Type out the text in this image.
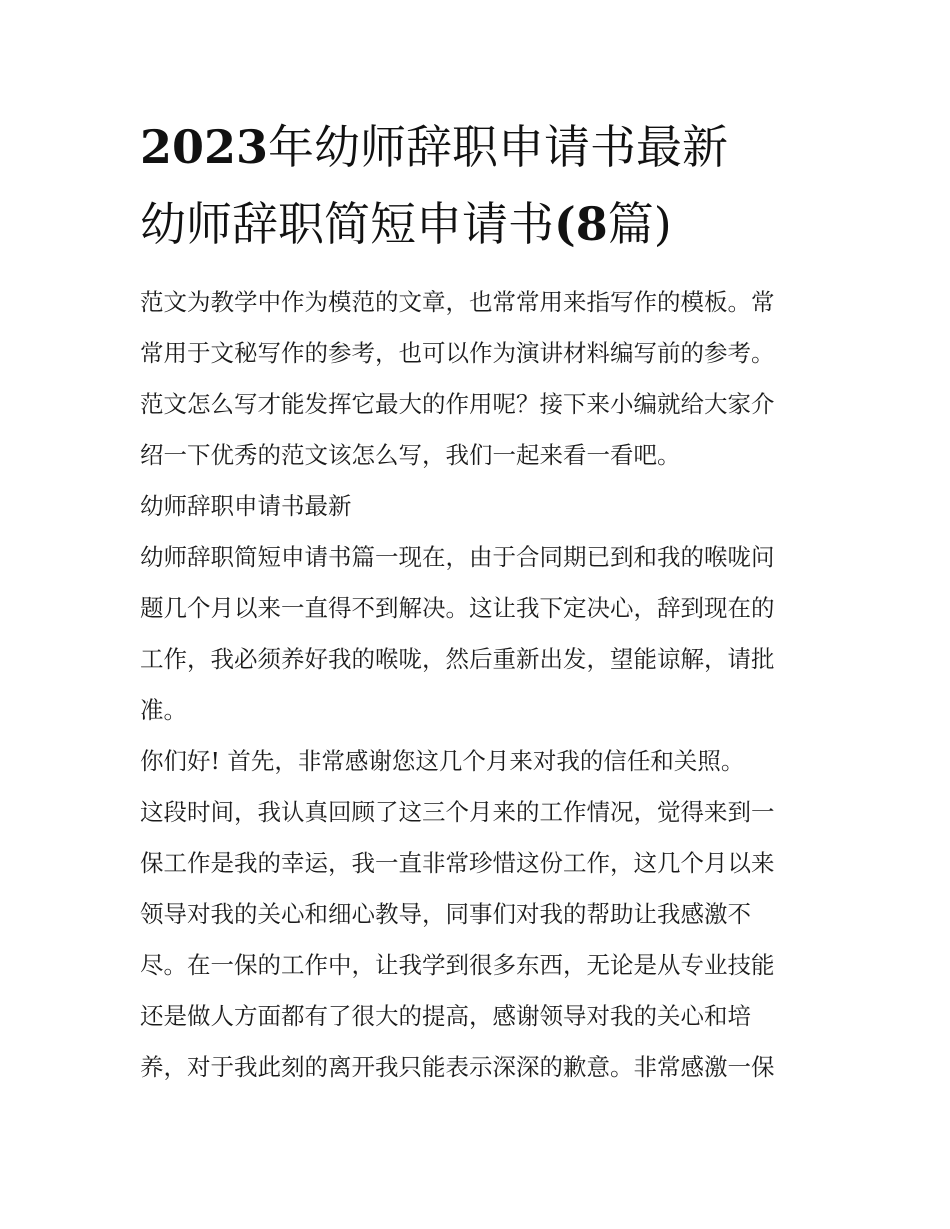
2023年幼师辞职申请书最新
幼师辞职简短申请书(8篇)
范文为教学中作为模范的文章，也常常用来指写作的模板。常
常用于文秘写作的参考，也可以作为演讲材料编写前的参考。
范文怎么写才能发挥它最大的作用呢？接下来小编就给大家介
绍一下优秀的范文该怎么写，我们一起来看一看吧。
幼师辞职申请书最新
幼师辞职简短申请书篇一现在，由于合同期已到和我的喉咙问
题几个月以来一直得不到解决。这让我下定决心，辞到现在的
工作，我必须养好我的喉咙，然后重新出发，望能谅解，请批
准。
你们好! 首先，非常感谢您这几个月来对我的信任和关照。
这段时间，我认真回顾了这三个月来的工作情况，觉得来到一
保工作是我的幸运，我一直非常珍惜这份工作，这几个月以来
领导对我的关心和细心教导，同事们对我的帮助让我感激不
尽。在一保的工作中，让我学到很多东西，无论是从专业技能
还是做人方面都有了很大的提高，感谢领导对我的关心和培
养，对于我此刻的离开我只能表示深深的歉意。非常感激一保
